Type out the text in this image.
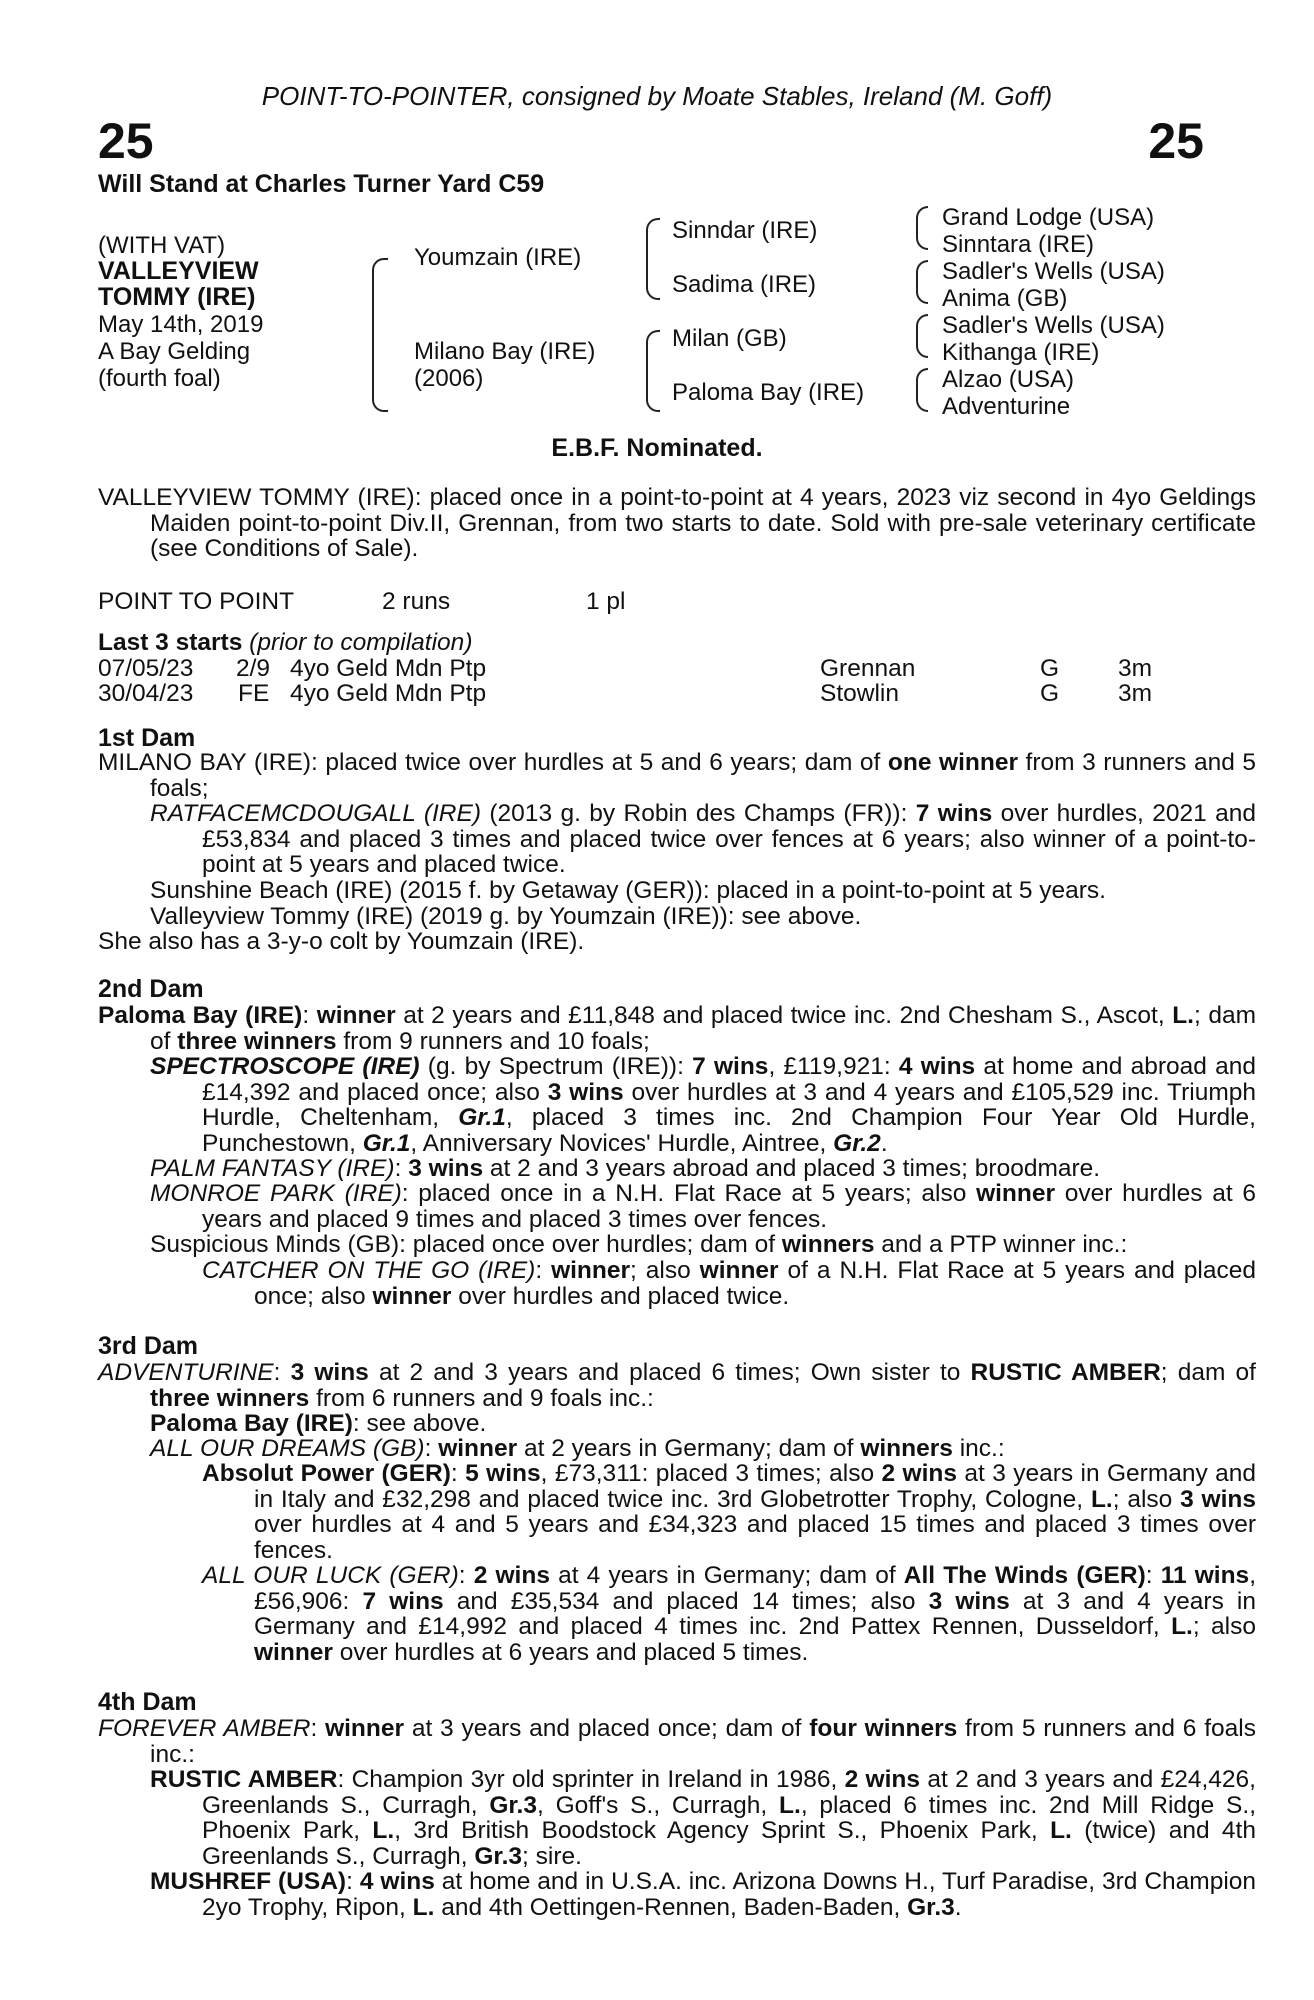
POINT-TO-POINTER, consigned by Moate Stables, Ireland (M. Goff)
25	25
Will Stand at Charles Turner Yard C59
(WITH VAT)
VALLEYVIEW
TOMMY (IRE)
May 14th, 2019
A Bay Gelding
(fourth foal)
Youmzain (IRE)
Milano Bay (IRE)
(2006)
Sinndar (IRE)
Sadima (IRE)
Milan (GB)
Paloma Bay (IRE)
Grand Lodge (USA)
Sinntara (IRE)
Sadler's Wells (USA)
Anima (GB)
Sadler's Wells (USA)
Kithanga (IRE)
Alzao (USA)
Adventurine
E.B.F. Nominated.

VALLEYVIEW TOMMY (IRE): placed once in a point-to-point at 4 years, 2023 viz second in 4yo Geldings Maiden point-to-point Div.II, Grennan, from two starts to date. Sold with pre-sale veterinary certificate (see Conditions of Sale).

POINT TO POINT	2 runs	1 pl
Last 3 starts (prior to compilation)
07/05/23 2/9 4yo Geld Mdn Ptp	Grennan	G 3m
30/04/23 FE 4yo Geld Mdn Ptp	Stowlin	G 3m
1st Dam

MILANO BAY (IRE): placed twice over hurdles at 5 and 6 years; dam of one winner from 3 runners and 5 foals;

RATFACEMCDOUGALL (IRE) (2013 g. by Robin des Champs (FR)): 7 wins over hurdles, 2021 and £53,834 and placed 3 times and placed twice over fences at 6 years; also winner of a point-to-point at 5 years and placed twice.

Sunshine Beach (IRE) (2015 f. by Getaway (GER)): placed in a point-to-point at 5 years.
Valleyview Tommy (IRE) (2019 g. by Youmzain (IRE)): see above.
She also has a 3-y-o colt by Youmzain (IRE).
2nd Dam

Paloma Bay (IRE): winner at 2 years and £11,848 and placed twice inc. 2nd Chesham S., Ascot, L.; dam of three winners from 9 runners and 10 foals;

SPECTROSCOPE (IRE) (g. by Spectrum (IRE)): 7 wins, £119,921: 4 wins at home and abroad and £14,392 and placed once; also 3 wins over hurdles at 3 and 4 years and £105,529 inc. Triumph Hurdle, Cheltenham, Gr.1, placed 3 times inc. 2nd Champion Four Year Old Hurdle, Punchestown, Gr.1, Anniversary Novices' Hurdle, Aintree, Gr.2.

PALM FANTASY (IRE): 3 wins at 2 and 3 years abroad and placed 3 times; broodmare.

MONROE PARK (IRE): placed once in a N.H. Flat Race at 5 years; also winner over hurdles at 6 years and placed 9 times and placed 3 times over fences.

Suspicious Minds (GB): placed once over hurdles; dam of winners and a PTP winner inc.:

CATCHER ON THE GO (IRE): winner; also winner of a N.H. Flat Race at 5 years and placed once; also winner over hurdles and placed twice.

3rd Dam

ADVENTURINE: 3 wins at 2 and 3 years and placed 6 times; Own sister to RUSTIC AMBER; dam of three winners from 6 runners and 9 foals inc.:

Paloma Bay (IRE): see above.
ALL OUR DREAMS (GB): winner at 2 years in Germany; dam of winners inc.:

Absolut Power (GER): 5 wins, £73,311: placed 3 times; also 2 wins at 3 years in Germany and in Italy and £32,298 and placed twice inc. 3rd Globetrotter Trophy, Cologne, L.; also 3 wins over hurdles at 4 and 5 years and £34,323 and placed 15 times and placed 3 times over fences.

ALL OUR LUCK (GER): 2 wins at 4 years in Germany; dam of All The Winds (GER): 11 wins, £56,906: 7 wins and £35,534 and placed 14 times; also 3 wins at 3 and 4 years in Germany and £14,992 and placed 4 times inc. 2nd Pattex Rennen, Dusseldorf, L.; also winner over hurdles at 6 years and placed 5 times.

4th Dam

FOREVER AMBER: winner at 3 years and placed once; dam of four winners from 5 runners and 6 foals inc.:

RUSTIC AMBER: Champion 3yr old sprinter in Ireland in 1986, 2 wins at 2 and 3 years and £24,426, Greenlands S., Curragh, Gr.3, Goff's S., Curragh, L., placed 6 times inc. 2nd Mill Ridge S., Phoenix Park, L., 3rd British Boodstock Agency Sprint S., Phoenix Park, L. (twice) and 4th Greenlands S., Curragh, Gr.3; sire.

MUSHREF (USA): 4 wins at home and in U.S.A. inc. Arizona Downs H., Turf Paradise, 3rd Champion 2yo Trophy, Ripon, L. and 4th Oettingen-Rennen, Baden-Baden, Gr.3.
